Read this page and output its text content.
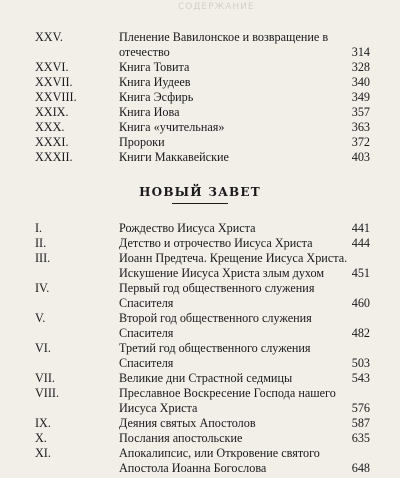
СОДЕРЖАНИЕ
XXV.	Пленение Вавилонское и возвращение в отечество	314
XXVI.	Книга Товита	328
XXVII.	Книга Иудеев	340
XXVIII.	Книга Эсфирь	349
XXIX.	Книга Иова	357
XXX.	Книга «учительная»	363
XXXI.	Пророки	372
XXXII.	Книги Маккавейские	403
НОВЫЙ ЗАВЕТ
I.	Рождество Иисуса Христа	441
II.	Детство и отрочество Иисуса Христа	444
III.	Иоанн Предтеча. Крещение Иисуса Христа. Искушение Иисуса Христа злым духом	451
IV.	Первый год общественного служения Спасителя	460
V.	Второй год общественного служения Спасителя	482
VI.	Третий год общественного служения Спасителя	503
VII.	Великие дни Страстной седмицы	543
VIII.	Преславное Воскресение Господа нашего Иисуса Христа	576
IX.	Деяния святых Апостолов	587
X.	Послания апостольские	635
XI.	Апокалипсис, или Откровение святого Апостола Иоанна Богослова	648
